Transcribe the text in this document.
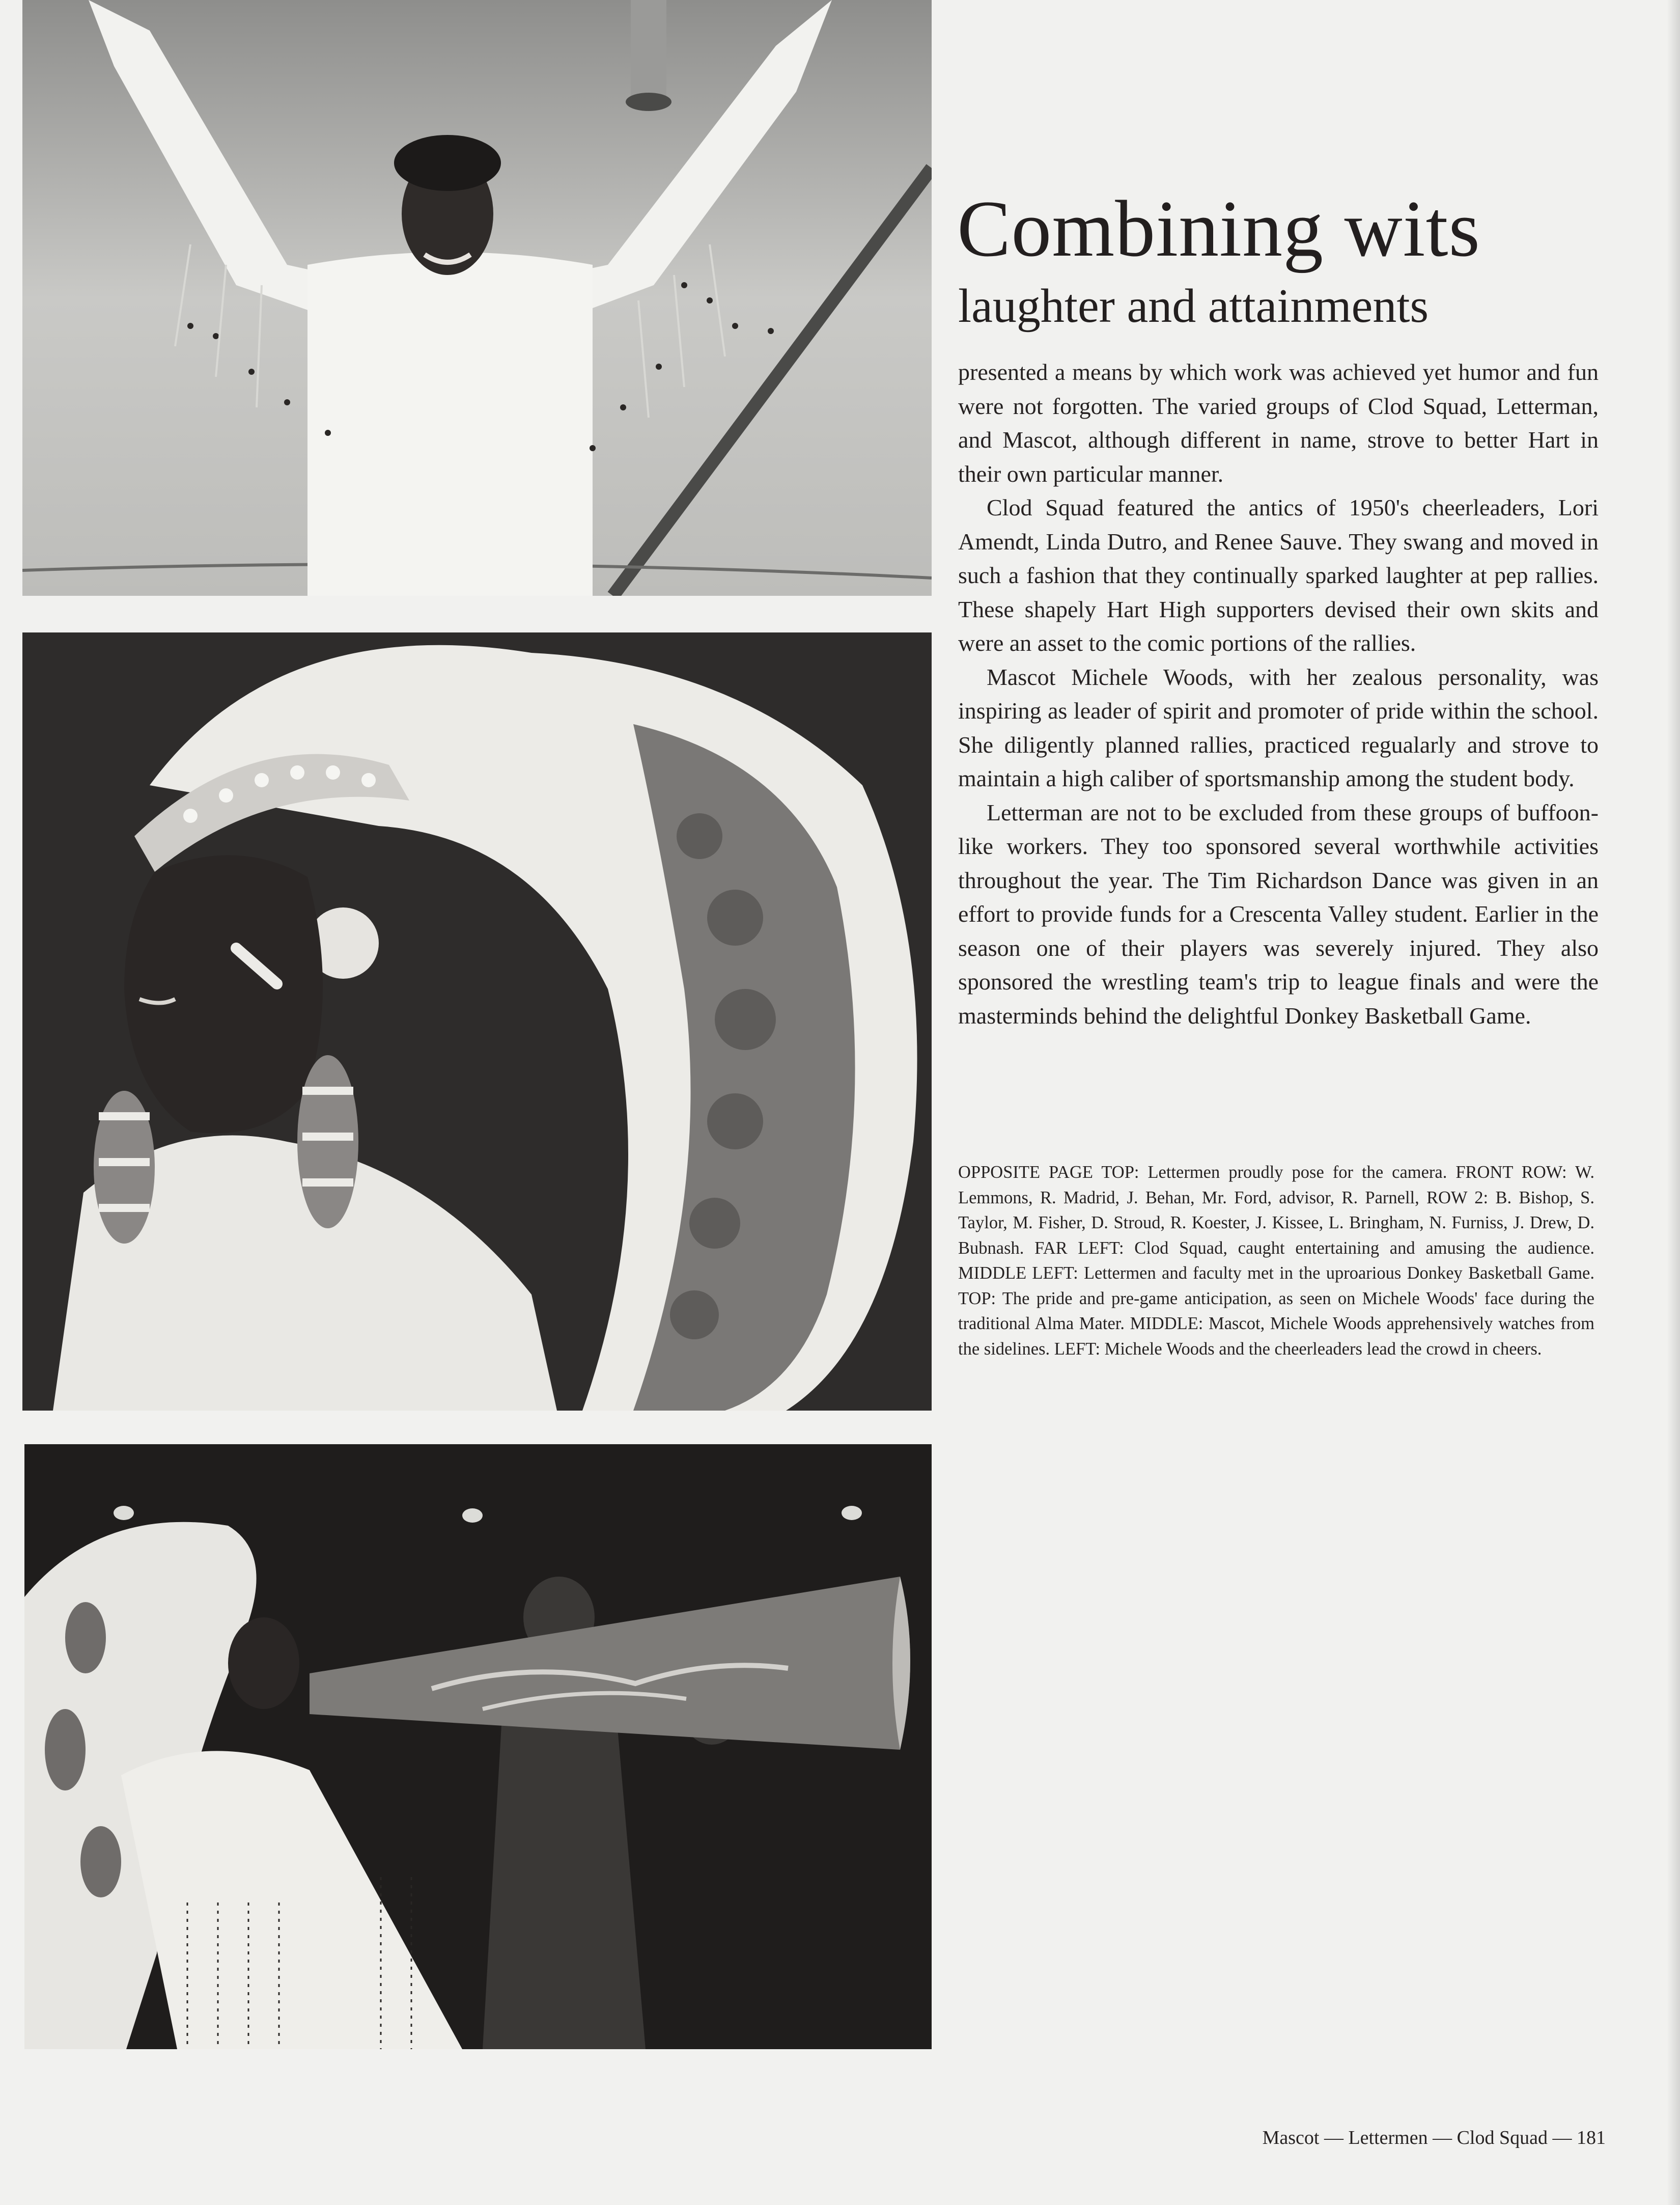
Combining wits
laughter and attainments

presented a means by which work was achieved yet humor and fun were not forgotten. The varied groups of Clod Squad, Letterman, and Mascot, although different in name, strove to better Hart in their own particular manner.

Clod Squad featured the antics of 1950's cheerleaders, Lori Amendt, Linda Dutro, and Renee Sauve. They swang and moved in such a fashion that they continually sparked laughter at pep rallies. These shapely Hart High supporters devised their own skits and were an asset to the comic portions of the rallies.

Mascot Michele Woods, with her zealous personality, was inspiring as leader of spirit and promoter of pride within the school. She diligently planned rallies, practiced regualarly and strove to maintain a high caliber of sportsmanship among the student body.

Letterman are not to be excluded from these groups of buffoon-like workers. They too sponsored several worthwhile activities throughout the year. The Tim Richardson Dance was given in an effort to provide funds for a Crescenta Valley student. Earlier in the season one of their players was severely injured. They also sponsored the wrestling team's trip to league finals and were the masterminds behind the delightful Donkey Basketball Game.

OPPOSITE PAGE TOP: Lettermen proudly pose for the camera. FRONT ROW: W. Lemmons, R. Madrid, J. Behan, Mr. Ford, advisor, R. Parnell, ROW 2: B. Bishop, S. Taylor, M. Fisher, D. Stroud, R. Koester, J. Kissee, L. Bringham, N. Furniss, J. Drew, D. Bubnash. FAR LEFT: Clod Squad, caught entertaining and amusing the audience. MIDDLE LEFT: Lettermen and faculty met in the uproarious Donkey Basketball Game. TOP: The pride and pre-game anticipation, as seen on Michele Woods' face during the traditional Alma Mater. MIDDLE: Mascot, Michele Woods apprehensively watches from the sidelines. LEFT: Michele Woods and the cheerleaders lead the crowd in cheers.
Mascot — Lettermen — Clod Squad — 181
